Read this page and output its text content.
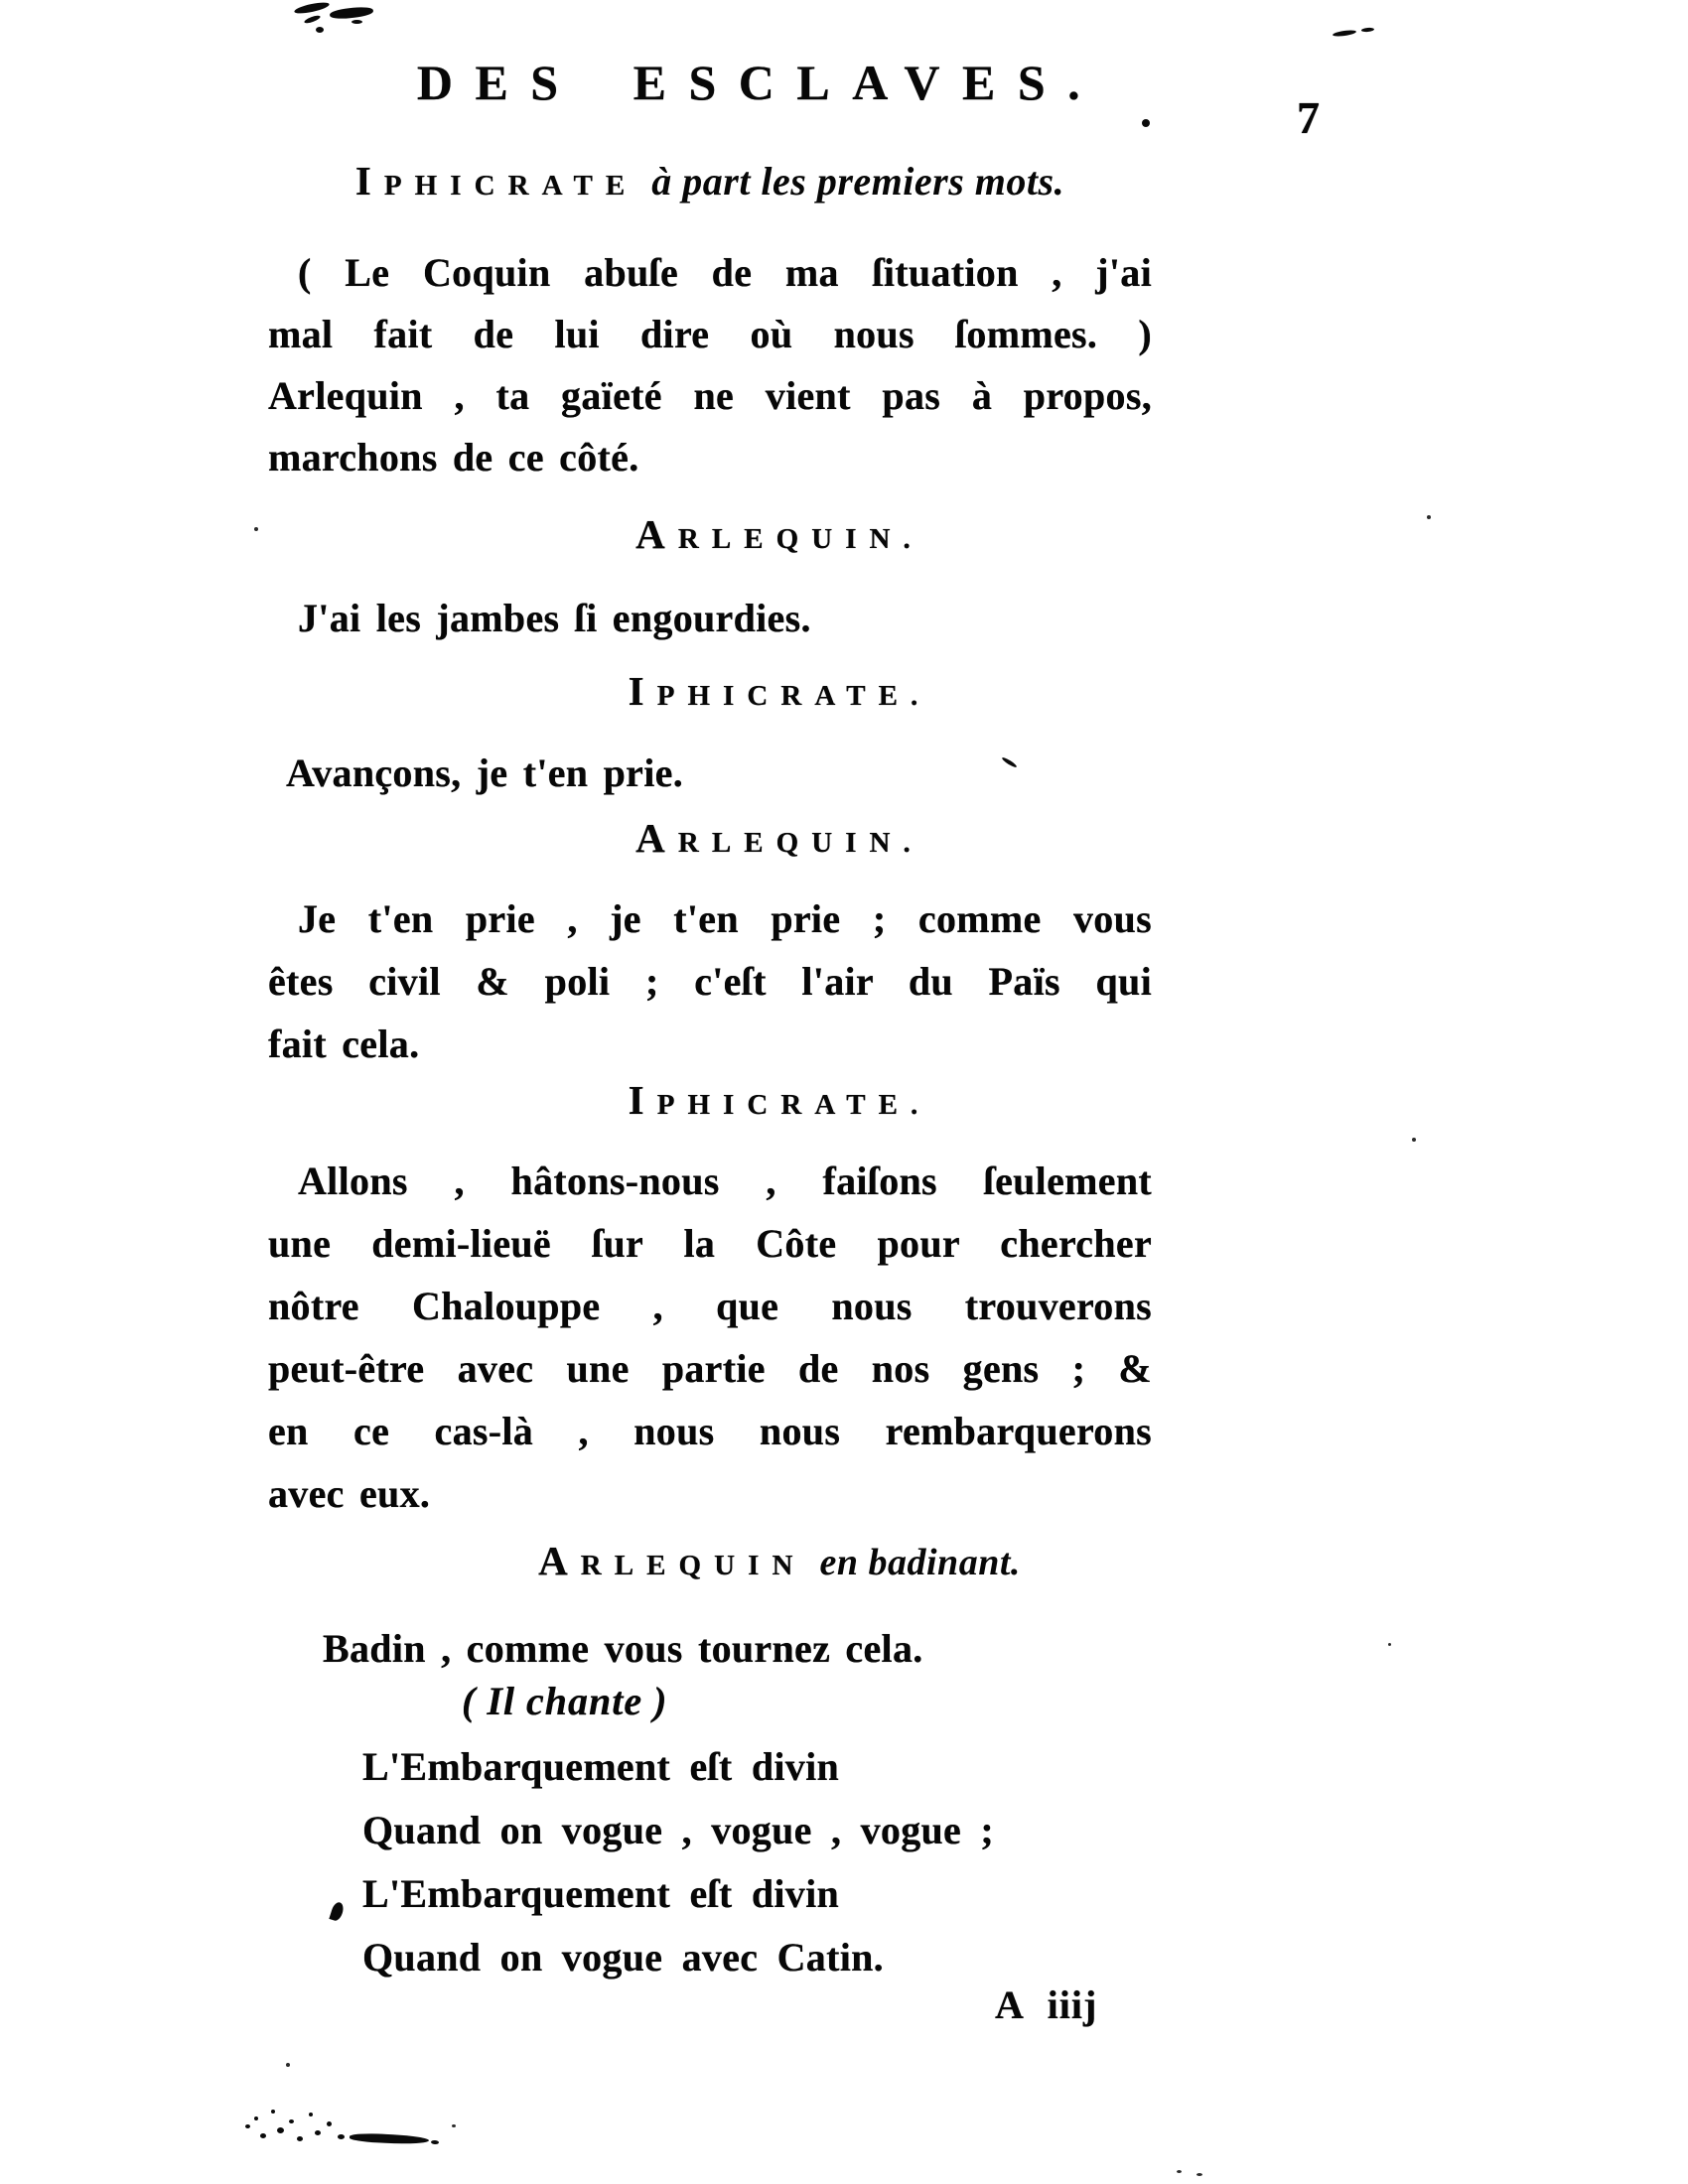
DES ESCLAVES.
7
IPHICRATE à part les premiers mots.
( Le Coquin abuſe de ma ſituation , j'ai
mal fait de lui dire où nous ſommes. )
Arlequin , ta gaïeté ne vient pas à propos,
marchons de ce côté.
ARLEQUIN.
J'ai les jambes ſi engourdies.
IPHICRATE.
Avançons, je t'en prie.
ARLEQUIN.
Je t'en prie , je t'en prie ; comme vous
êtes civil & poli ; c'eſt l'air du Païs qui
fait cela.
IPHICRATE.
Allons , hâtons-nous , faiſons ſeulement
une demi-lieuë ſur la Côte pour chercher
nôtre Chalouppe , que nous trouverons
peut-être avec une partie de nos gens ; &
en ce cas-là , nous nous rembarquerons
avec eux.
ARLEQUIN en badinant.
Badin , comme vous tournez cela.
( Il chante )
L'Embarquement eſt divin
Quand on vogue , vogue , vogue ;
L'Embarquement eſt divin
Quand on vogue avec Catin.
A iiij
